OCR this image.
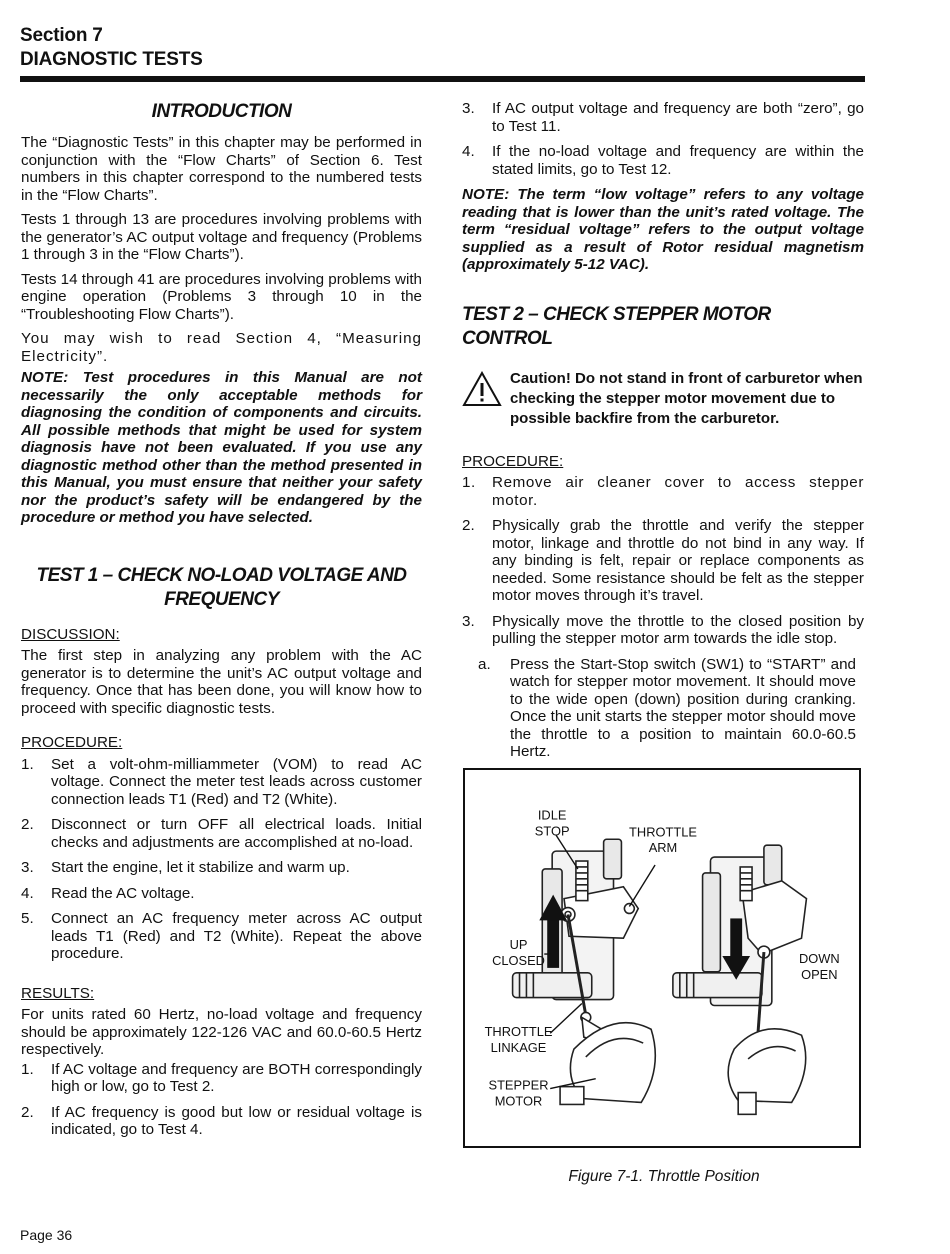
Section 7
DIAGNOSTIC TESTS
INTRODUCTION

The “Diagnostic Tests” in this chapter may be performed in conjunction with the “Flow Charts” of Section 6. Test numbers in this chapter correspond to the numbered tests in the “Flow Charts”.

Tests 1 through 13 are procedures involving problems with the generator’s AC output voltage and frequency (Problems 1 through 3 in the “Flow Charts”).

Tests 14 through 41 are procedures involving problems with engine operation (Problems 3 through 10 in the “Troubleshooting Flow Charts”).

You may wish to read Section 4, “Measuring Electricity”.

NOTE: Test procedures in this Manual are not necessarily the only acceptable methods for diagnosing the condition of components and circuits. All possible methods that might be used for system diagnosis have not been evaluated. If you use any diagnostic method other than the method presented in this Manual, you must ensure that neither your safety nor the product’s safety will be endangered by the procedure or method you have selected.
TEST 1 – CHECK NO-LOAD VOLTAGE AND FREQUENCY
DISCUSSION:

The first step in analyzing any problem with the AC generator is to determine the unit’s AC output voltage and frequency. Once that has been done, you will know how to proceed with specific diagnostic tests.

PROCEDURE:
1. Set a volt-ohm-milliammeter (VOM) to read AC voltage. Connect the meter test leads across customer connection leads T1 (Red) and T2 (White).
2. Disconnect or turn OFF all electrical loads. Initial checks and adjustments are accomplished at no-load.
3. Start the engine, let it stabilize and warm up.
4. Read the AC voltage.
5. Connect an AC frequency meter across AC output leads T1 (Red) and T2 (White). Repeat the above procedure.
RESULTS:

For units rated 60 Hertz, no-load voltage and frequency should be approximately 122-126 VAC and 60.0-60.5 Hertz respectively.

1. If AC voltage and frequency are BOTH correspondingly high or low, go to Test 2.
2. If AC frequency is good but low or residual voltage is indicated, go to Test 4.
3. If AC output voltage and frequency are both “zero”, go to Test 11.
4. If the no-load voltage and frequency are within the stated limits, go to Test 12.
NOTE: The term “low voltage” refers to any voltage reading that is lower than the unit’s rated voltage. The term “residual voltage” refers to the output voltage supplied as a result of Rotor residual magnetism (approximately 5-12 VAC).
TEST 2 – CHECK STEPPER MOTOR CONTROL
Caution! Do not stand in front of carburetor when checking the stepper motor movement due to possible backfire from the carburetor.
PROCEDURE:
1. Remove air cleaner cover to access stepper motor.
2. Physically grab the throttle and verify the stepper motor, linkage and throttle do not bind in any way. If any binding is felt, repair or replace components as needed. Some resistance should be felt as the stepper motor moves through it’s travel.
3. Physically move the throttle to the closed position by pulling the stepper motor arm towards the idle stop.
a. Press the Start-Stop switch (SW1) to “START” and watch for stepper motor movement. It should move to the wide open (down) position during cranking. Once the unit starts the stepper motor should move the throttle to a position to maintain 60.0-60.5 Hertz.
IDLE
STOP	THROTTLE
ARM
UP
CLOSED	DOWN
OPEN
THROTTLE
LINKAGE
STEPPER
MOTOR
Figure 7-1. Throttle Position
Page 36
